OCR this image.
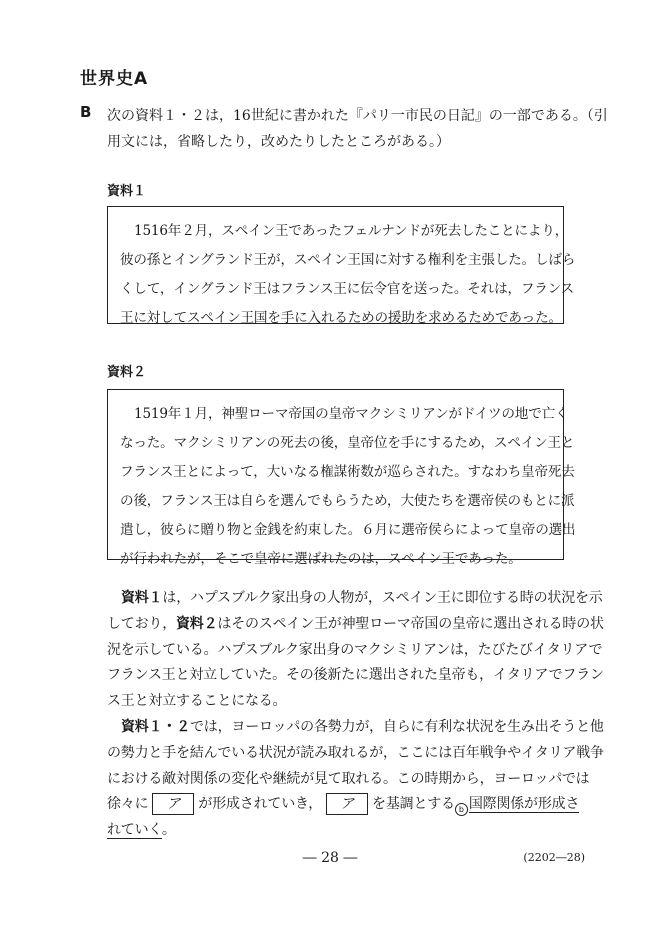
世界史A
B 次の資料１・２は，16世紀に書かれた『パリ一市民の日記』の一部である。（引
用文には，省略したり，改めたりしたところがある。）
資料１
1516年２月，スペイン王であったフェルナンドが死去したことにより，
彼の孫とイングランド王が，スペイン王国に対する権利を主張した。しばら
くして，イングランド王はフランス王に伝令官を送った。それは，フランス
王に対してスペイン王国を手に入れるための援助を求めるためであった。
資料２
1519年１月，神聖ローマ帝国の皇帝マクシミリアンがドイツの地で亡く
なった。マクシミリアンの死去の後，皇帝位を手にするため，スペイン王と
フランス王とによって，大いなる権謀術数が巡らされた。すなわち皇帝死去
の後，フランス王は自らを選んでもらうため，大使たちを選帝侯のもとに派
遣し，彼らに贈り物と金銭を約束した。６月に選帝侯らによって皇帝の選出
が行われたが，そこで皇帝に選ばれたのは，スペイン王であった。
資料１は，ハプスブルク家出身の人物が，スペイン王に即位する時の状況を示
しており，資料２はそのスペイン王が神聖ローマ帝国の皇帝に選出される時の状
況を示している。ハプスブルク家出身のマクシミリアンは，たびたびイタリアで
フランス王と対立していた。その後新たに選出された皇帝も，イタリアでフラン
ス王と対立することになる。
資料１・２では，ヨーロッパの各勢力が，自らに有利な状況を生み出そうと他
の勢力と手を結んでいる状況が読み取れるが，ここには百年戦争やイタリア戦争
における敵対関係の変化や継続が見て取れる。この時期から，ヨーロッパでは
徐々に ア が形成されていき， ア を基調とする b 国際関係が形成さ
れていく。
― 28 ―	(2202―28)
